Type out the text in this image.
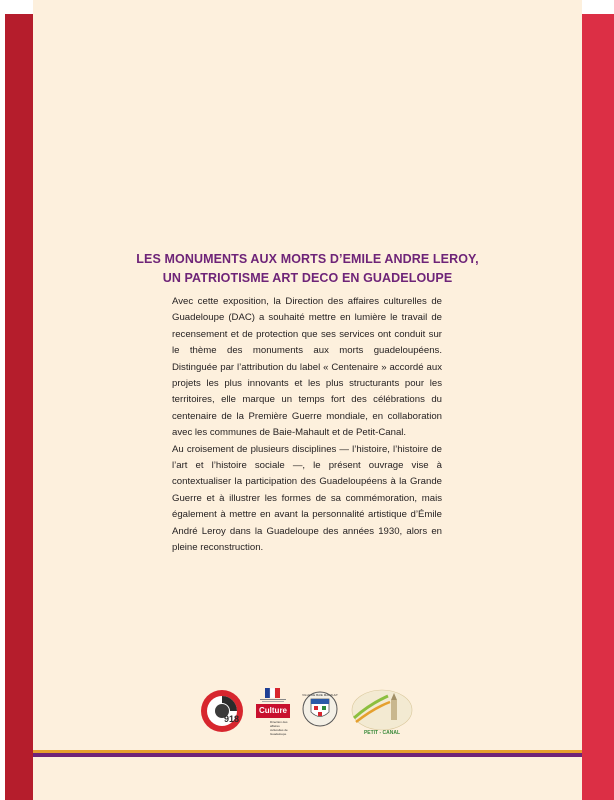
LES MONUMENTS AUX MORTS D’EMILE ANDRE LEROY,
UN PATRIOTISME ART DECO EN GUADELOUPE

Avec cette exposition, la Direction des affaires culturelles de Guadeloupe (DAC) a souhaité mettre en lumière le travail de recensement et de protection que ses services ont conduit sur le thème des monuments aux morts guadeloupéens. Distinguée par l’attribution du label « Centenaire » accordé aux projets les plus innovants et les plus structurants pour les territoires, elle marque un temps fort des célébrations du centenaire de la Première Guerre mondiale, en collaboration avec les communes de Baie-Mahault et de Petit-Canal.

Au croisement de plusieurs disciplines — l’histoire, l’histoire de l’art et l’histoire sociale —, le présent ouvrage vise à contextualiser la participation des Guadeloupéens à la Grande Guerre et à illustrer les formes de sa commémoration, mais également à mettre en avant la personnalité artistique d’Émile André Leroy dans la Guadeloupe des années 1930, alors en pleine reconstruction.

918
Culture
Direction des affaires culturelles de Guadeloupe
VILLE DE BAIE MAHAULT
PETIT - CANAL
